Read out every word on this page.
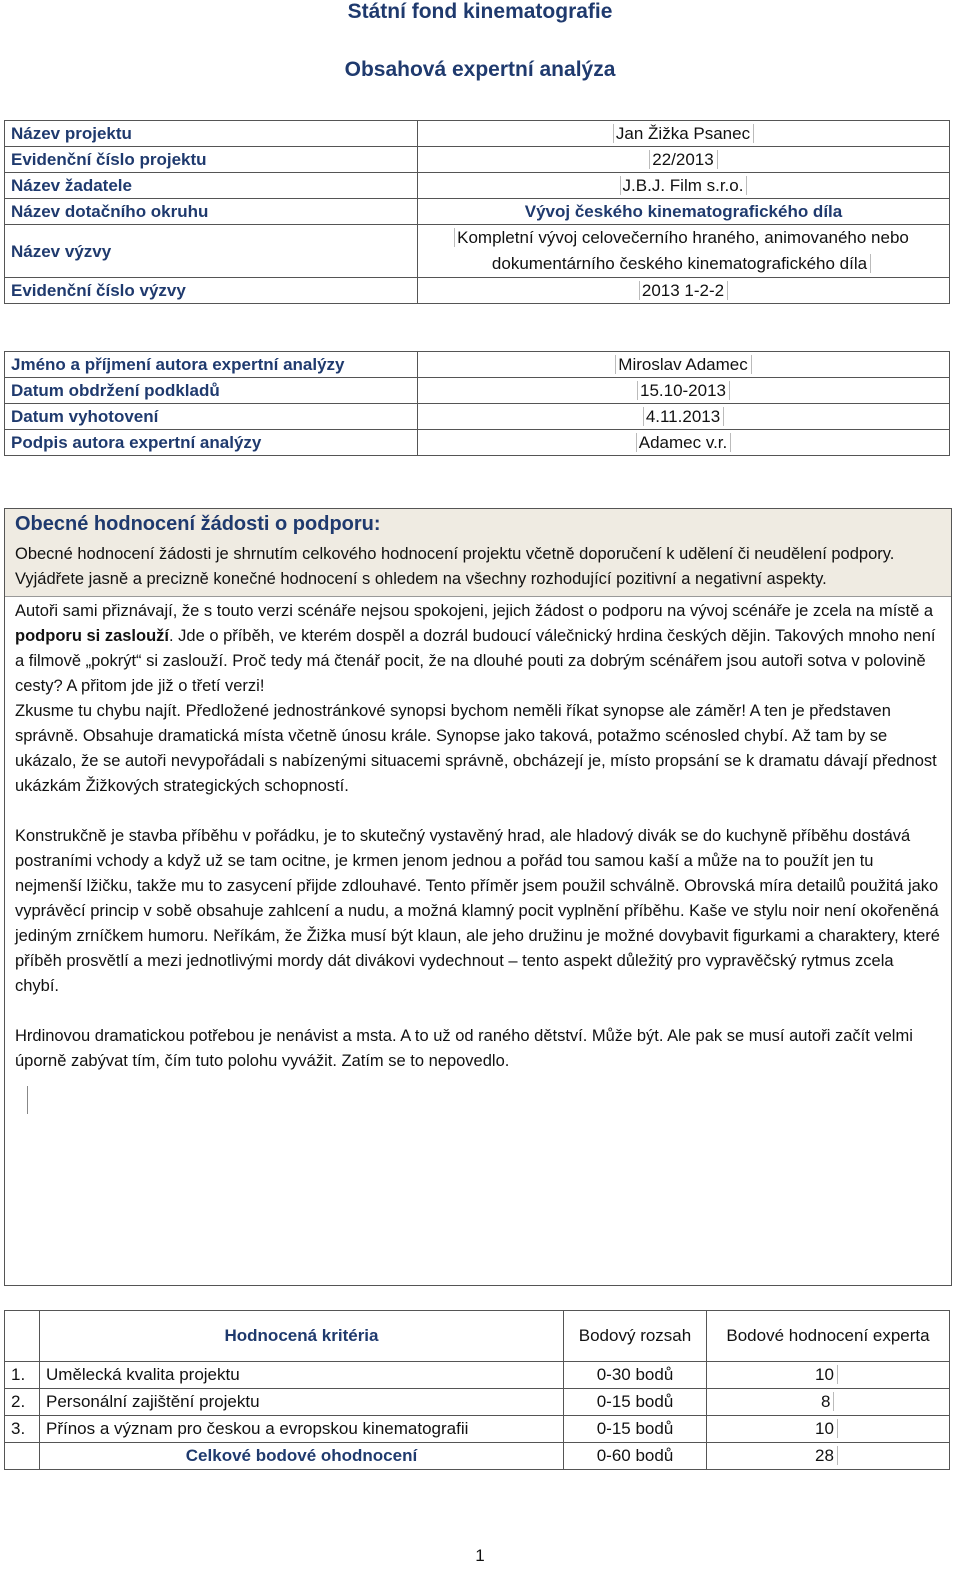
Státní fond kinematografie
Obsahová expertní analýza
Název projektu	Jan Žižka Psanec
Evidenční číslo projektu	22/2013
Název žadatele	J.B.J. Film s.r.o.
Název dotačního okruhu	Vývoj českého kinematografického díla
Název výzvy	Kompletní vývoj celovečerního hraného, animovaného nebo dokumentárního českého kinematografického díla
Evidenční číslo výzvy	2013 1-2-2
Jméno a příjmení autora expertní analýzy	Miroslav Adamec
Datum obdržení podkladů	15.10-2013
Datum vyhotovení	4.11.2013
Podpis autora expertní analýzy	Adamec v.r.
Obecné hodnocení žádosti o podporu:
Obecné hodnocení žádosti je shrnutím celkového hodnocení projektu včetně doporučení k udělení či neudělení podpory. Vyjádřete jasně a precizně konečné hodnocení s ohledem na všechny rozhodující pozitivní a negativní aspekty.

Autoři sami přiznávají, že s touto verzi scénáře nejsou spokojeni, jejich žádost o podporu na vývoj scénáře je zcela na místě a podporu si zaslouží. Jde o příběh, ve kterém dospěl a dozrál budoucí válečnický hrdina českých dějin. Takových mnoho není a filmově „pokrýt“ si zaslouží. Proč tedy má čtenář pocit, že na dlouhé pouti za dobrým scénářem jsou autoři sotva v polovině cesty? A přitom jde již o třetí verzi!

Zkusme tu chybu najít. Předložené jednostránkové synopsi bychom neměli říkat synopse ale záměr! A ten je představen správně. Obsahuje dramatická místa včetně únosu krále. Synopse jako taková, potažmo scénosled chybí. Až tam by se ukázalo, že se autoři nevypořádali s nabízenými situacemi správně, obcházejí je, místo propsání se k dramatu dávají přednost ukázkám Žižkových strategických schopností.

Konstrukčně je stavba příběhu v pořádku, je to skutečný vystavěný hrad, ale hladový divák se do kuchyně příběhu dostává postraními vchody a když už se tam ocitne, je krmen jenom jednou a pořád tou samou kaší a může na to použít jen tu nejmenší lžičku, takže mu to zasycení přijde zdlouhavé. Tento příměr jsem použil schválně. Obrovská míra detailů použitá jako vyprávěcí princip v sobě obsahuje zahlcení a nudu, a možná klamný pocit vyplnění příběhu. Kaše ve stylu noir není okořeněná jediným zrníčkem humoru. Neříkám, že Žižka musí být klaun, ale jeho družinu je možné dovybavit figurkami a charaktery, které příběh prosvětlí a mezi jednotlivými mordy dát divákovi vydechnout – tento aspekt důležitý pro vypravěčský rytmus zcela chybí.

Hrdinovou dramatickou potřebou je nenávist a msta. A to už od raného dětství. Může být. Ale pak se musí autoři začít velmi úporně zabývat tím, čím tuto polohu vyvážit. Zatím se to nepovedlo.

	Hodnocená kritéria	Bodový rozsah	Bodové hodnocení experta
1.	Umělecká kvalita projektu	0-30 bodů	10
2.	Personální zajištění projektu	0-15 bodů	8
3.	Přínos a význam pro českou a evropskou kinematografii	0-15 bodů	10
	Celkové bodové ohodnocení	0-60 bodů	28
1
